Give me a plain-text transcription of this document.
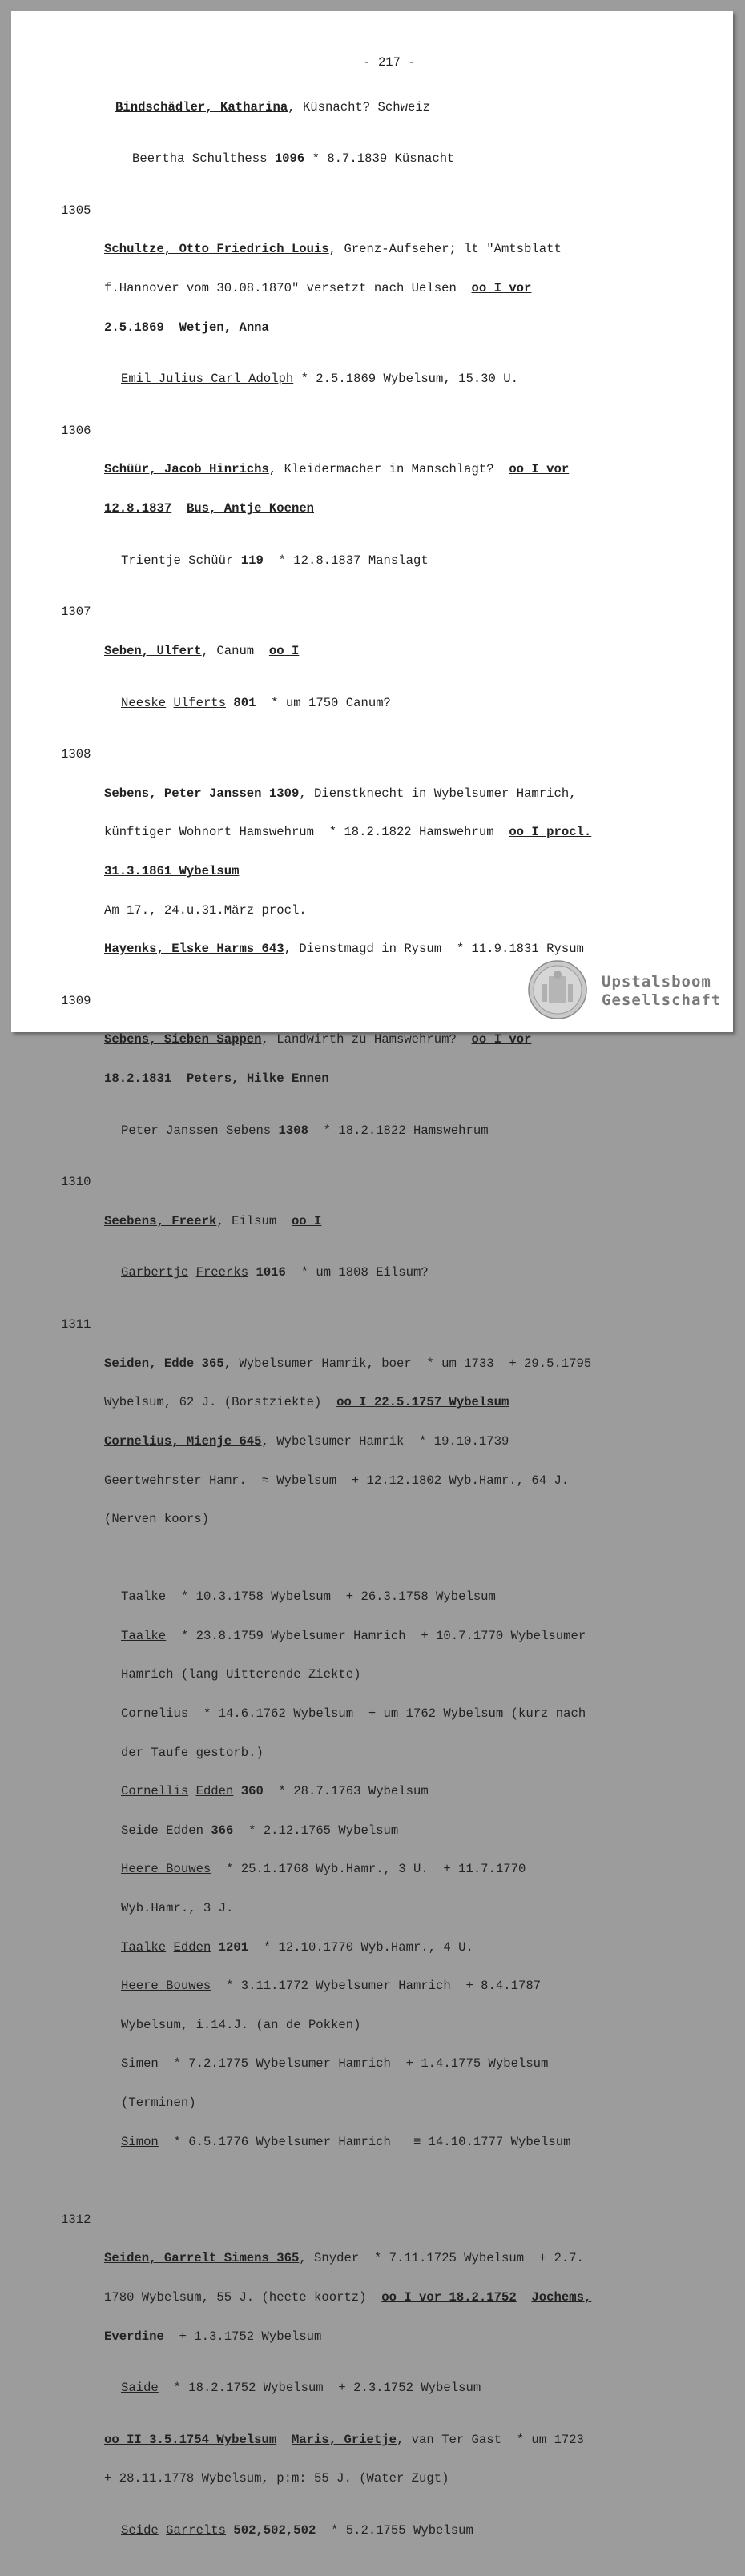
- 217 -

Bindschädler, Katharina, Küsnacht? Schweiz

Beertha Schulthess 1096 * 8.7.1839 Küsnacht

1305

Schultze, Otto Friedrich Louis, Grenz-Aufseher; lt "Amtsblatt

f.Hannover vom 30.08.1870" versetzt nach Uelsen  oo I vor

2.5.1869 Wetjen, Anna

Emil Julius Carl Adolph * 2.5.1869 Wybelsum, 15.30 U.

1306

Schüür, Jacob Hinrichs, Kleidermacher in Manschlagt?  oo I vor

12.8.1837 Bus, Antje Koenen

Trientje Schüür 119  * 12.8.1837 Manslagt

1307

Seben, Ulfert, Canum  oo I

Neeske Ulferts 801  * um 1750 Canum?

1308

Sebens, Peter Janssen 1309, Dienstknecht in Wybelsumer Hamrich,

künftiger Wohnort Hamswehrum  * 18.2.1822 Hamswehrum  oo I procl.

31.3.1861 Wybelsum

Am 17., 24.u.31.März procl.

Hayenks, Elske Harms 643, Dienstmagd in Rysum  * 11.9.1831 Rysum

1309

Sebens, Sieben Sappen, Landwirth zu Hamswehrum?  oo I vor

18.2.1831 Peters, Hilke Ennen

Peter Janssen Sebens 1308  * 18.2.1822 Hamswehrum

1310

Seebens, Freerk, Eilsum  oo I

Garbertje Freerks 1016  * um 1808 Eilsum?

1311

Seiden, Edde 365, Wybelsumer Hamrik, boer  * um 1733  + 29.5.1795

Wybelsum, 62 J. (Borstziekte)  oo I 22.5.1757 Wybelsum

Cornelius, Mienje 645, Wybelsumer Hamrik  * 19.10.1739

Geertwehrster Hamr.  ≈ Wybelsum  + 12.12.1802 Wyb.Hamr., 64 J.

(Nerven koors)

Taalke  * 10.3.1758 Wybelsum  + 26.3.1758 Wybelsum

Taalke  * 23.8.1759 Wybelsumer Hamrich  + 10.7.1770 Wybelsumer

Hamrich (lang Uitterende Ziekte)

Cornelius  * 14.6.1762 Wybelsum  + um 1762 Wybelsum (kurz nach

der Taufe gestorb.)

Cornellis Edden 360  * 28.7.1763 Wybelsum

Seide Edden 366  * 2.12.1765 Wybelsum

Heere Bouwes  * 25.1.1768 Wyb.Hamr., 3 U.  + 11.7.1770

Wyb.Hamr., 3 J.

Taalke Edden 1201  * 12.10.1770 Wyb.Hamr., 4 U.

Heere Bouwes  * 3.11.1772 Wybelsumer Hamrich  + 8.4.1787

Wybelsum, i.14.J. (an de Pokken)

Simen  * 7.2.1775 Wybelsumer Hamrich  + 1.4.1775 Wybelsum

(Terminen)

Simon  * 6.5.1776 Wybelsumer Hamrich   ≡ 14.10.1777 Wybelsum

1312

Seiden, Garrelt Simens 365, Snyder  * 7.11.1725 Wybelsum  + 2.7.

1780 Wybelsum, 55 J. (heete koortz)  oo I vor 18.2.1752 Jochems,

Everdine  + 1.3.1752 Wybelsum

Saide  * 18.2.1752 Wybelsum  + 2.3.1752 Wybelsum

oo II 3.5.1754 Wybelsum Maris, Grietje, van Ter Gast  * um 1723

+ 28.11.1778 Wybelsum, p:m: 55 J. (Water Zugt)

Seide Garrelts 502,502,502  * 5.2.1755 Wybelsum

Upstalsboom
Gesellschaft
